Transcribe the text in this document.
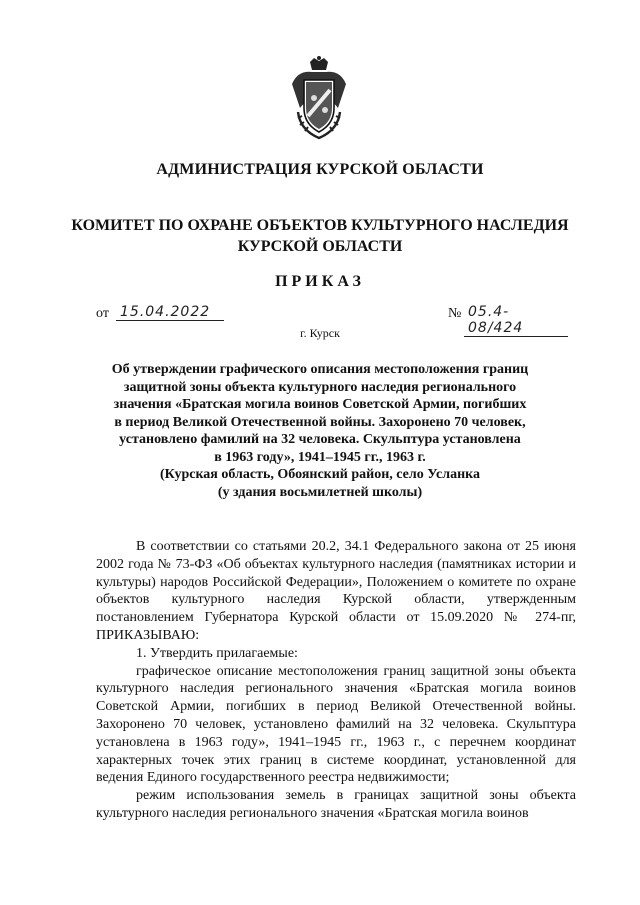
АДМИНИСТРАЦИЯ КУРСКОЙ ОБЛАСТИ
КОМИТЕТ ПО ОХРАНЕ ОБЪЕКТОВ КУЛЬТУРНОГО НАСЛЕДИЯ
КУРСКОЙ ОБЛАСТИ
ПРИКАЗ
от 15.04.2022	№ 05.4-08/424
г. Курск
Об утверждении графического описания местоположения границ
защитной зоны объекта культурного наследия регионального
значения «Братская могила воинов Советской Армии, погибших
в период Великой Отечественной войны. Захоронено 70 человек,
установлено фамилий на 32 человека. Скульптура установлена
в 1963 году», 1941–1945 гг., 1963 г.
(Курская область, Обоянский район, село Усланка
(у здания восьмилетней школы)

В соответствии со статьями 20.2, 34.1 Федерального закона от 25 июня 2002 года № 73-ФЗ «Об объектах культурного наследия (памятниках истории и культуры) народов Российской Федерации», Положением о комитете по охране объектов культурного наследия Курской области, утвержденным постановлением Губернатора Курской области от 15.09.2020 № 274-пг, ПРИКАЗЫВАЮ:

1. Утвердить прилагаемые:

графическое описание местоположения границ защитной зоны объекта культурного наследия регионального значения «Братская могила воинов Советской Армии, погибших в период Великой Отечественной войны. Захоронено 70 человек, установлено фамилий на 32 человека. Скульптура установлена в 1963 году», 1941–1945 гг., 1963 г., с перечнем координат характерных точек этих границ в системе координат, установленной для ведения Единого государственного реестра недвижимости;

режим использования земель в границах защитной зоны объекта культурного наследия регионального значения «Братская могила воинов
